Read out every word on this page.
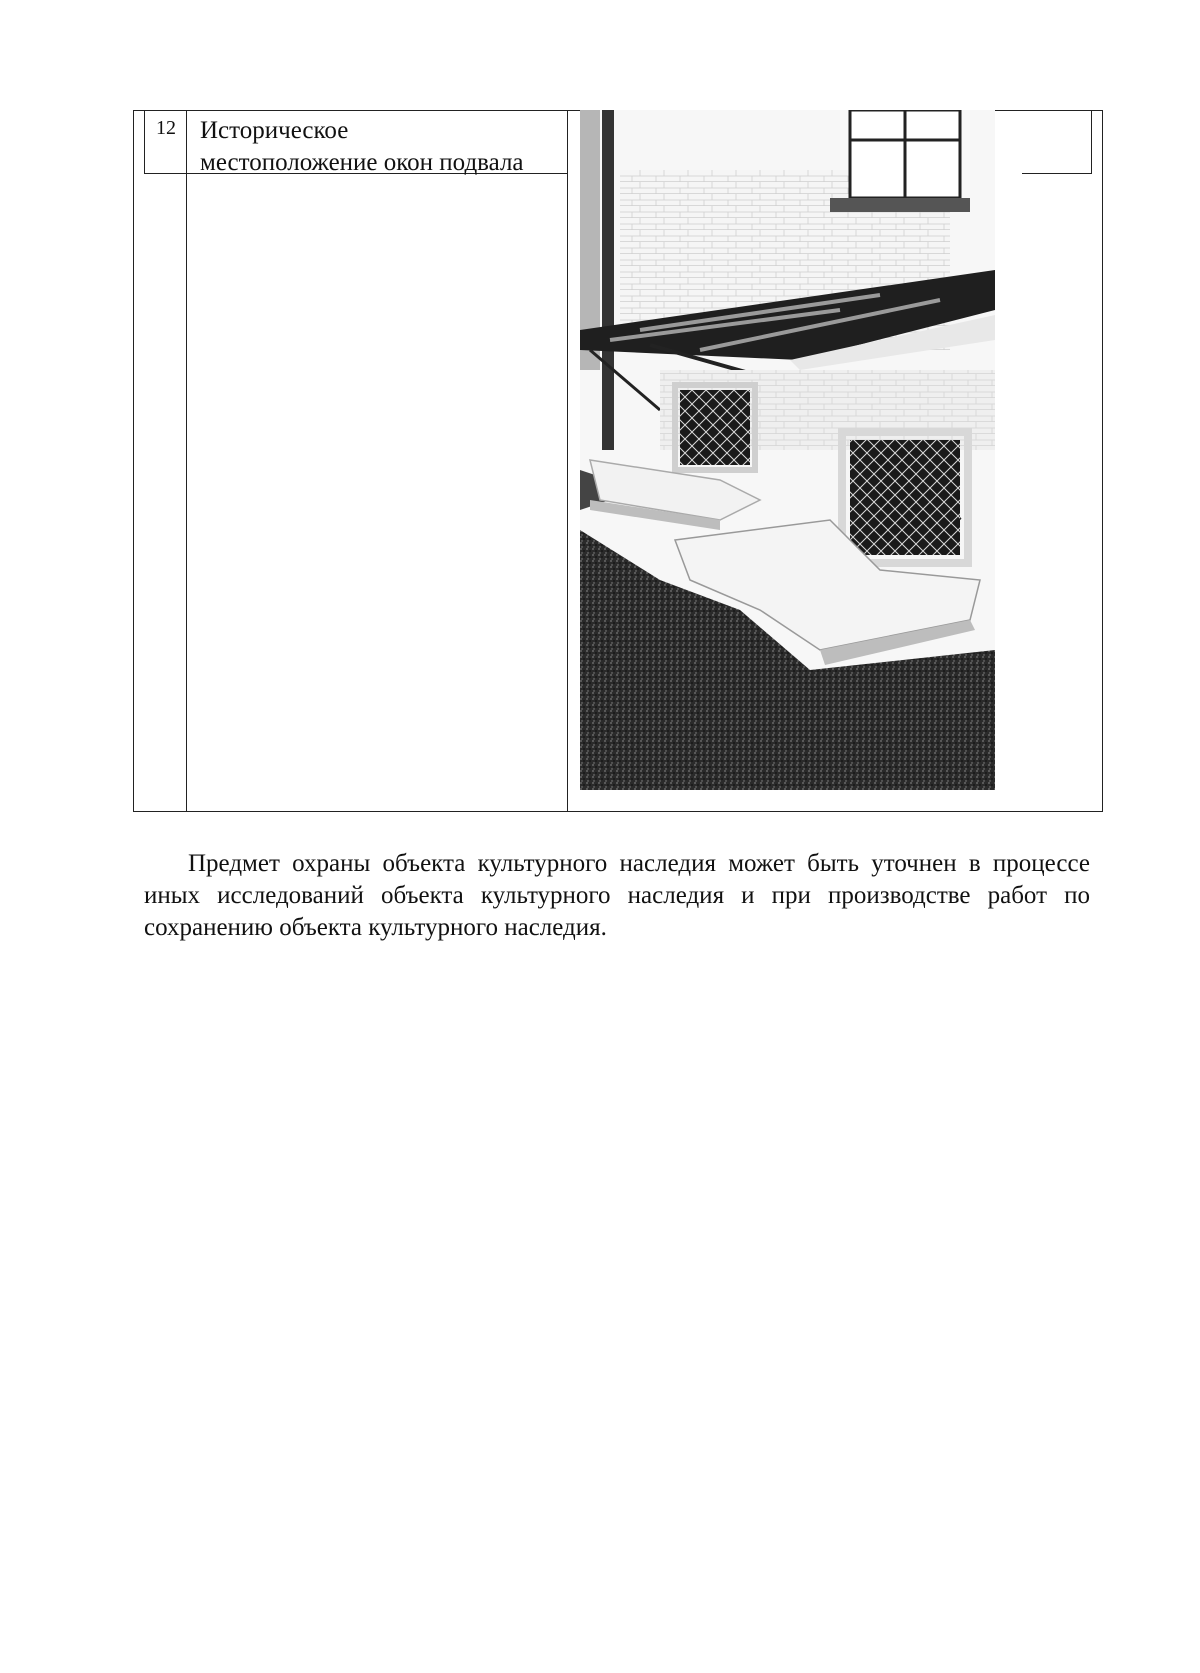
12 Историческое
местоположение окон подвала
Предмет охраны объекта культурного наследия может быть уточнен в процессе иных исследований объекта культурного наследия и при производстве работ по сохранению объекта культурного наследия.
